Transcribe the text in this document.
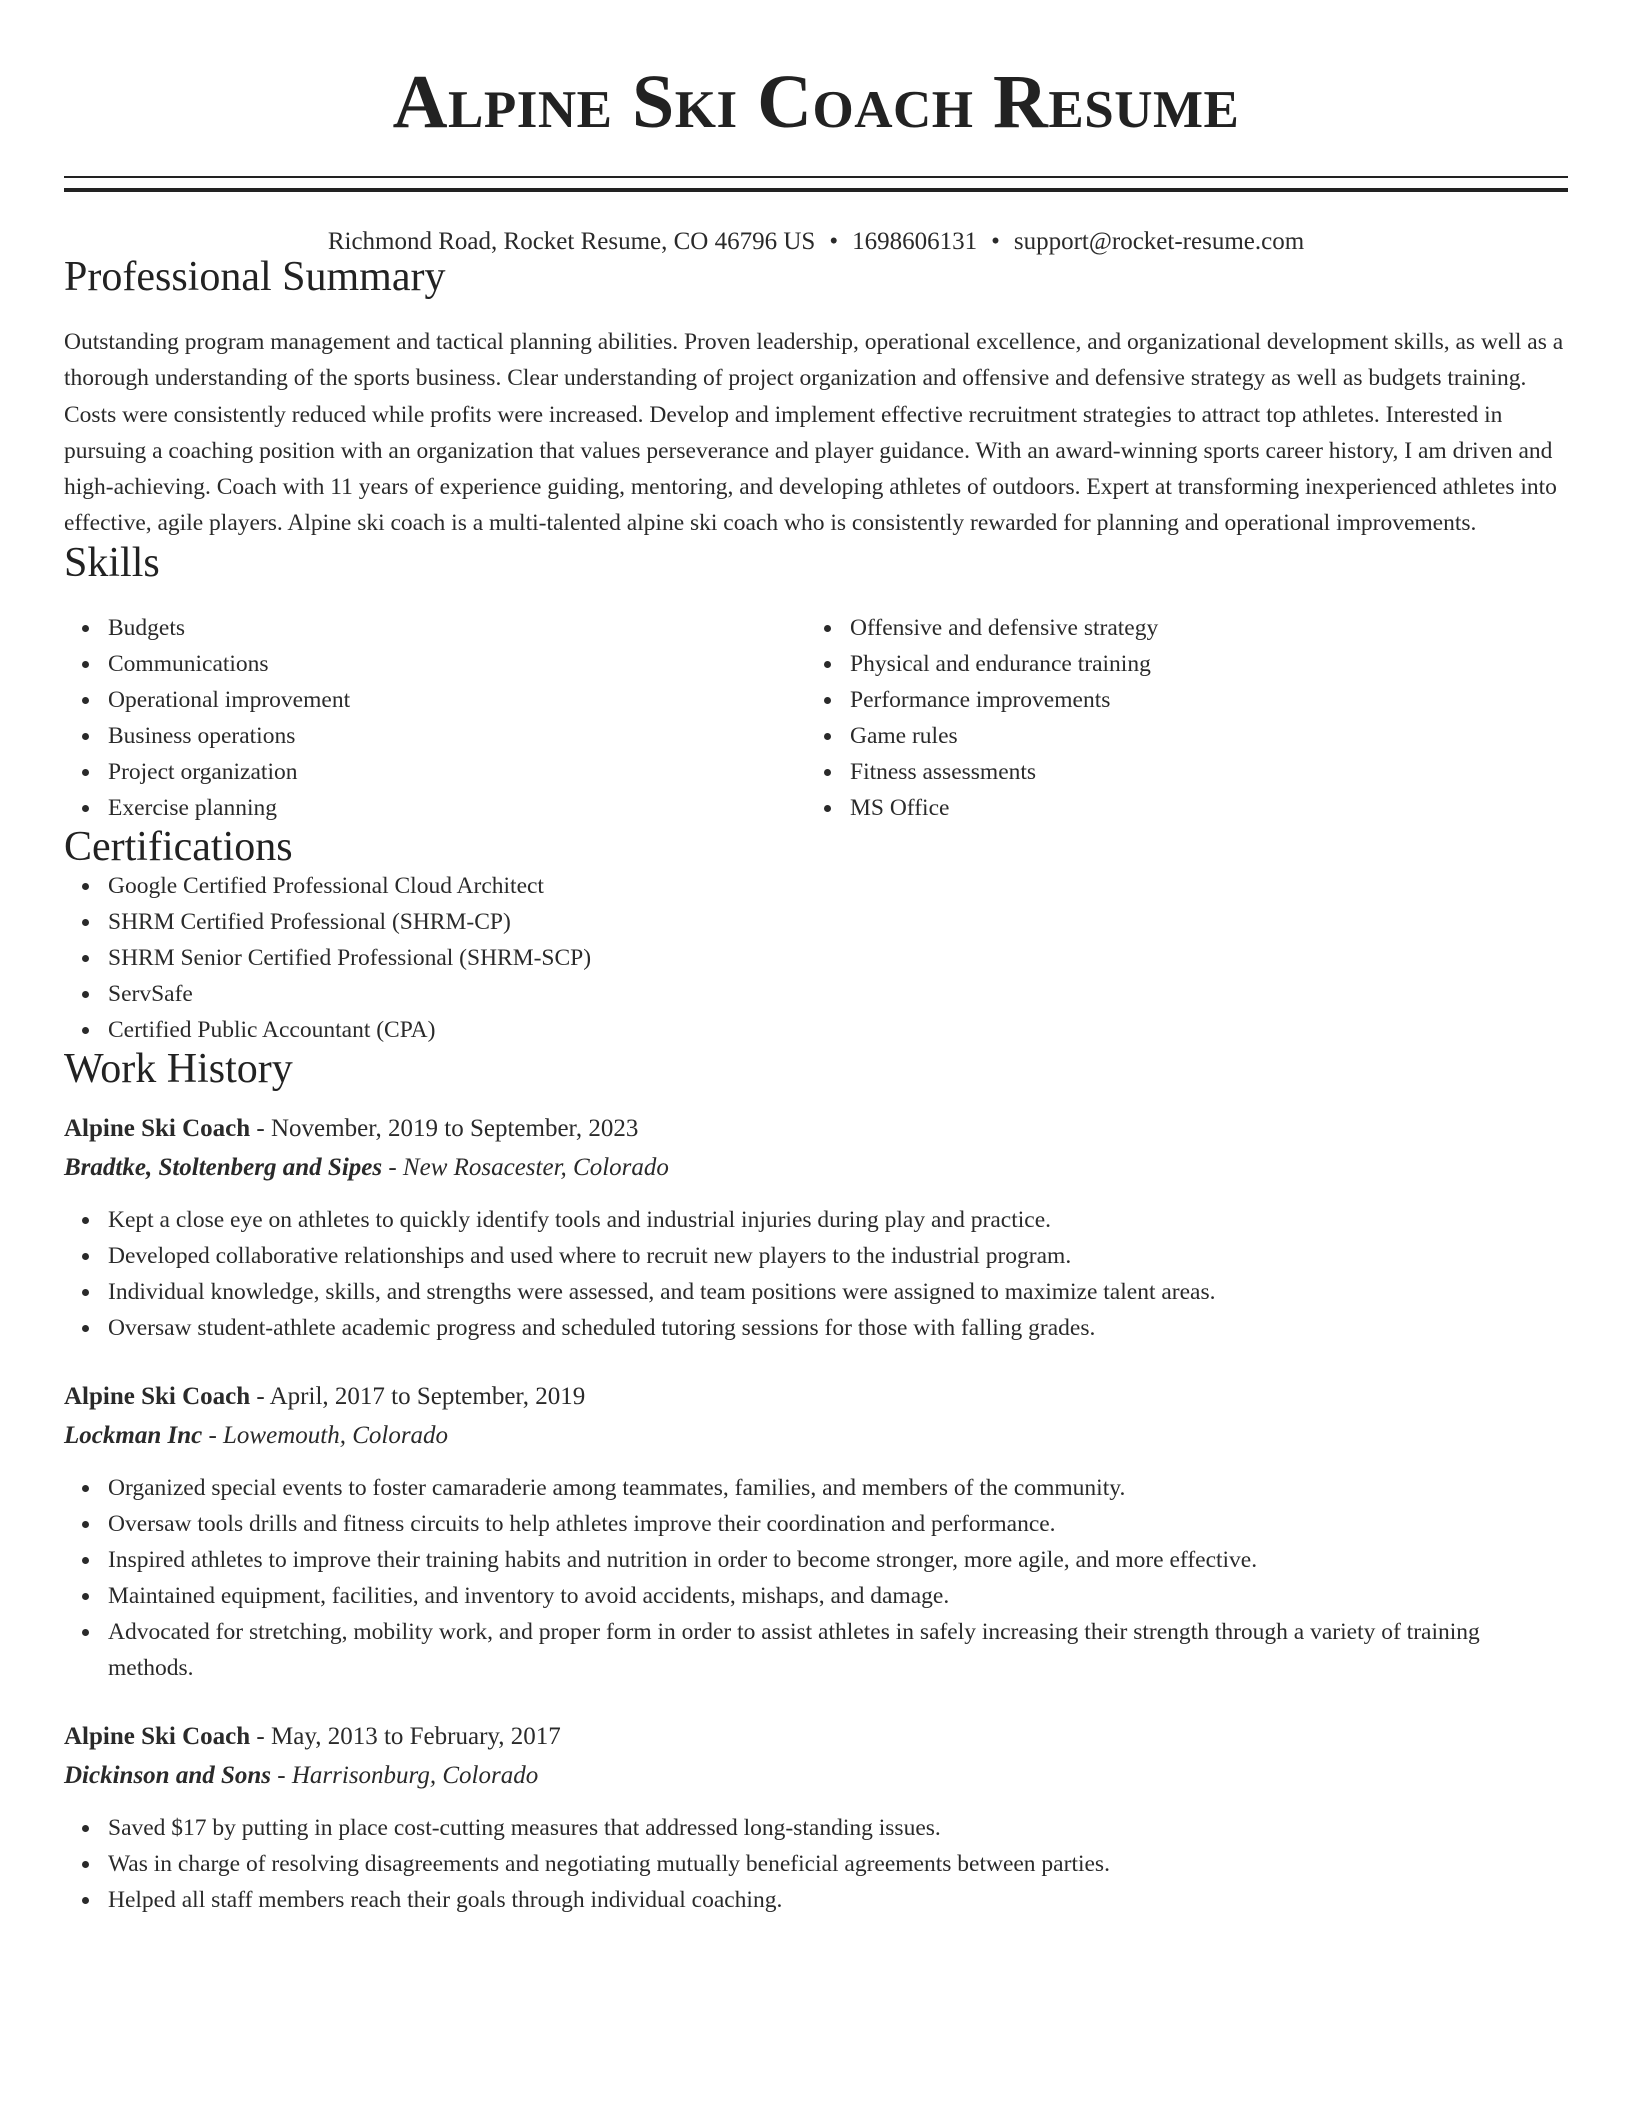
Alpine Ski Coach Resume
Richmond Road, Rocket Resume, CO 46796 US • 1698606131 • support@rocket-resume.com
Professional Summary

Outstanding program management and tactical planning abilities. Proven leadership, operational excellence, and organizational development skills, as well as a thorough understanding of the sports business. Clear understanding of project organization and offensive and defensive strategy as well as budgets training. Costs were consistently reduced while profits were increased. Develop and implement effective recruitment strategies to attract top athletes. Interested in pursuing a coaching position with an organization that values perseverance and player guidance. With an award-winning sports career history, I am driven and high-achieving. Coach with 11 years of experience guiding, mentoring, and developing athletes of outdoors. Expert at transforming inexperienced athletes into effective, agile players. Alpine ski coach is a multi-talented alpine ski coach who is consistently rewarded for planning and operational improvements.

Skills
Budgets
Communications
Operational improvement
Business operations
Project organization
Exercise planning
Offensive and defensive strategy
Physical and endurance training
Performance improvements
Game rules
Fitness assessments
MS Office
Certifications
Google Certified Professional Cloud Architect
SHRM Certified Professional (SHRM-CP)
SHRM Senior Certified Professional (SHRM-SCP)
ServSafe
Certified Public Accountant (CPA)
Work History
Alpine Ski Coach - November, 2019 to September, 2023
Bradtke, Stoltenberg and Sipes - New Rosacester, Colorado
Kept a close eye on athletes to quickly identify tools and industrial injuries during play and practice.
Developed collaborative relationships and used where to recruit new players to the industrial program.
Individual knowledge, skills, and strengths were assessed, and team positions were assigned to maximize talent areas.
Oversaw student-athlete academic progress and scheduled tutoring sessions for those with falling grades.
Alpine Ski Coach - April, 2017 to September, 2019
Lockman Inc - Lowemouth, Colorado
Organized special events to foster camaraderie among teammates, families, and members of the community.
Oversaw tools drills and fitness circuits to help athletes improve their coordination and performance.
Inspired athletes to improve their training habits and nutrition in order to become stronger, more agile, and more effective.
Maintained equipment, facilities, and inventory to avoid accidents, mishaps, and damage.
Advocated for stretching, mobility work, and proper form in order to assist athletes in safely increasing their strength through a variety of training methods.
Alpine Ski Coach - May, 2013 to February, 2017
Dickinson and Sons - Harrisonburg, Colorado
Saved $17 by putting in place cost-cutting measures that addressed long-standing issues.
Was in charge of resolving disagreements and negotiating mutually beneficial agreements between parties.
Helped all staff members reach their goals through individual coaching.
